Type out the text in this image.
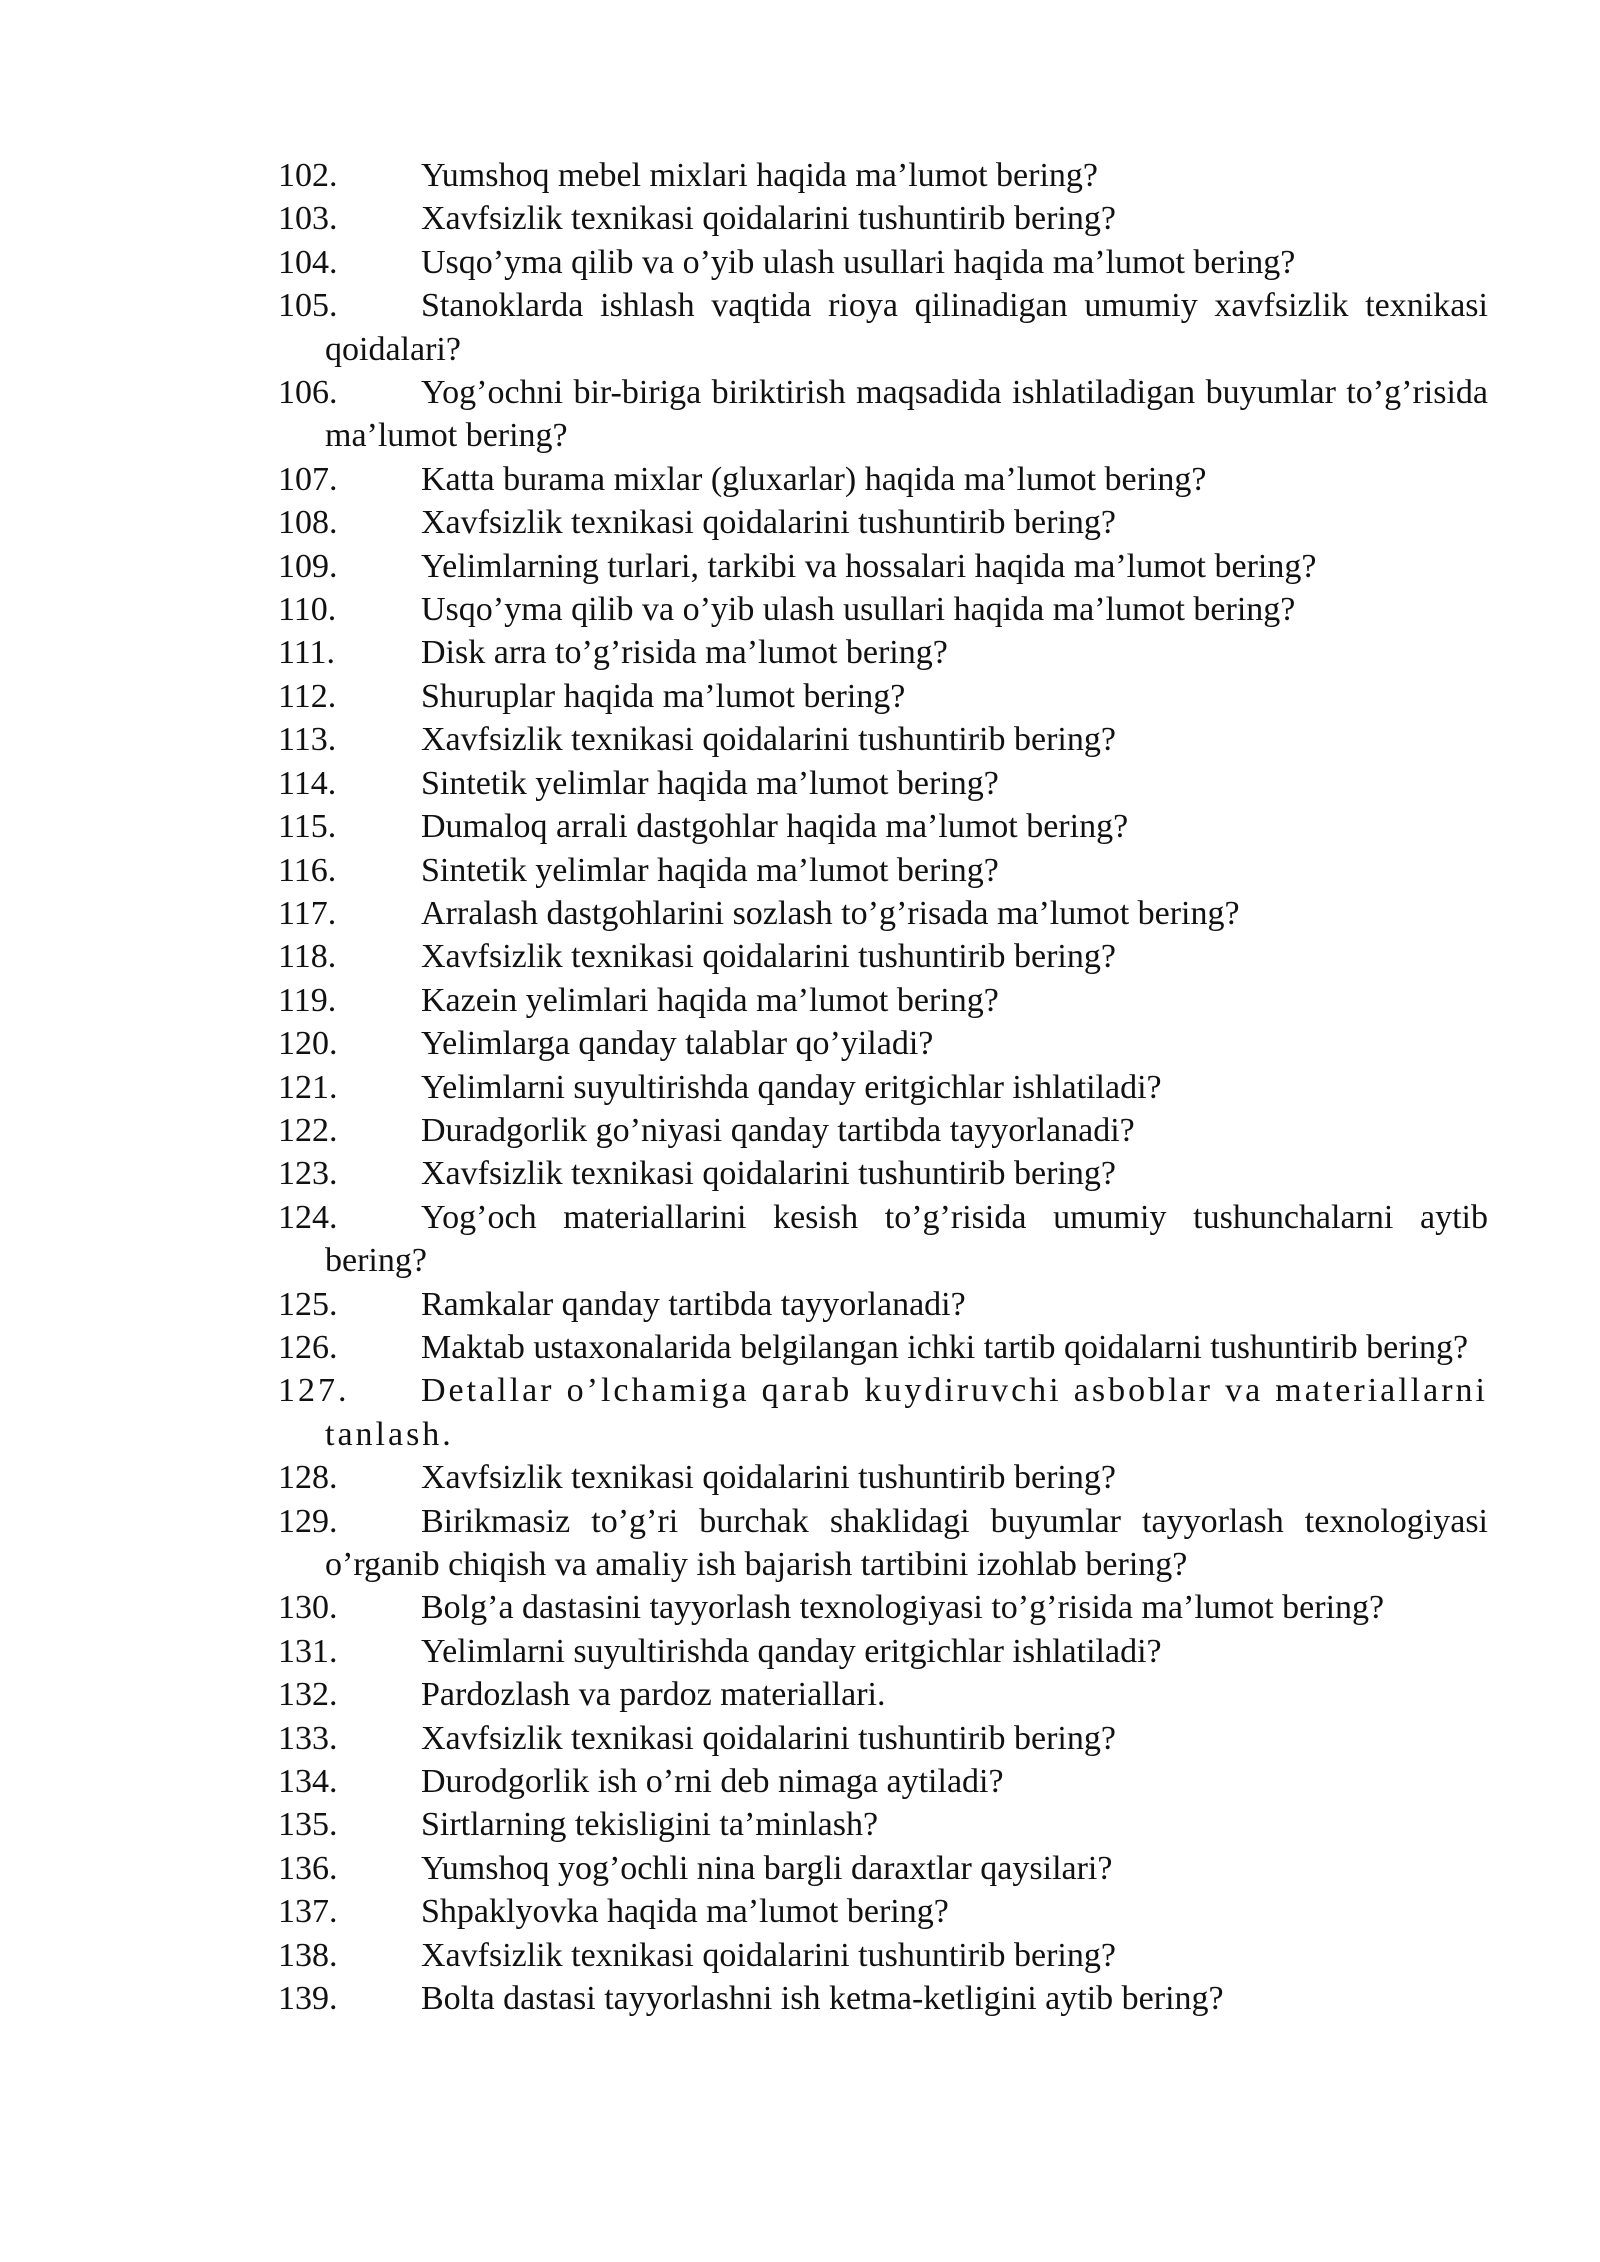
102. Yumshoq mebel mixlari haqida ma’lumot bering?
103. Xavfsizlik texnikasi qoidalarini tushuntirib bering?
104. Usqo’yma qilib va o’yib ulash usullari haqida ma’lumot bering?
105. Stanoklarda ishlash vaqtida rioya qilinadigan umumiy xavfsizlik texnikasi qoidalari?
106. Yog’ochni bir-biriga biriktirish maqsadida ishlatiladigan buyumlar to’g’risida ma’lumot bering?
107. Katta burama mixlar (gluxarlar) haqida ma’lumot bering?
108. Xavfsizlik texnikasi qoidalarini tushuntirib bering?
109. Yelimlarning turlari, tarkibi va hossalari haqida ma’lumot bering?
110. Usqo’yma qilib va o’yib ulash usullari haqida ma’lumot bering?
111.	Disk arra to’g’risida ma’lumot bering?
112. Shuruplar haqida ma’lumot bering?
113. Xavfsizlik texnikasi qoidalarini tushuntirib bering?
114. Sintetik yelimlar haqida ma’lumot bering?
115. Dumaloq arrali dastgohlar haqida ma’lumot bering?
116. Sintetik yelimlar haqida ma’lumot bering?
117. Arralash dastgohlarini sozlash to’g’risada ma’lumot bering?
118. Xavfsizlik texnikasi qoidalarini tushuntirib bering?
119. Kazein yelimlari haqida ma’lumot bering?
120. Yelimlarga qanday talablar qo’yiladi?
121. Yelimlarni suyultirishda qanday eritgichlar ishlatiladi?
122. Duradgorlik go’niyasi qanday tartibda tayyorlanadi?
123. Xavfsizlik texnikasi qoidalarini tushuntirib bering?
124. Yog’och materiallarini kesish to’g’risida umumiy tushunchalarni aytib bering?
125. Ramkalar qanday tartibda tayyorlanadi?
126. Maktab ustaxonalarida belgilangan ichki tartib qoidalarni tushuntirib bering?
127. Detallar o’lchamiga qarab kuydiruvchi asboblar va materiallarni tanlash.
128. Xavfsizlik texnikasi qoidalarini tushuntirib bering?
129. Birikmasiz to’g’ri burchak shaklidagi buyumlar tayyorlash texnologiyasi o’rganib chiqish va amaliy ish bajarish tartibini izohlab bering?
130. Bolg’a dastasini tayyorlash texnologiyasi to’g’risida ma’lumot bering?
131. Yelimlarni suyultirishda qanday eritgichlar ishlatiladi?
132. Pardozlash va pardoz materiallari.
133. Xavfsizlik texnikasi qoidalarini tushuntirib bering?
134. Durodgorlik ish o’rni deb nimaga aytiladi?
135. Sirtlarning tekisligini ta’minlash?
136. Yumshoq yog’ochli nina bargli daraxtlar qaysilari?
137. Shpaklyovka haqida ma’lumot bering?
138. Xavfsizlik texnikasi qoidalarini tushuntirib bering?
139. Bolta dastasi tayyorlashni ish ketma-ketligini aytib bering?
